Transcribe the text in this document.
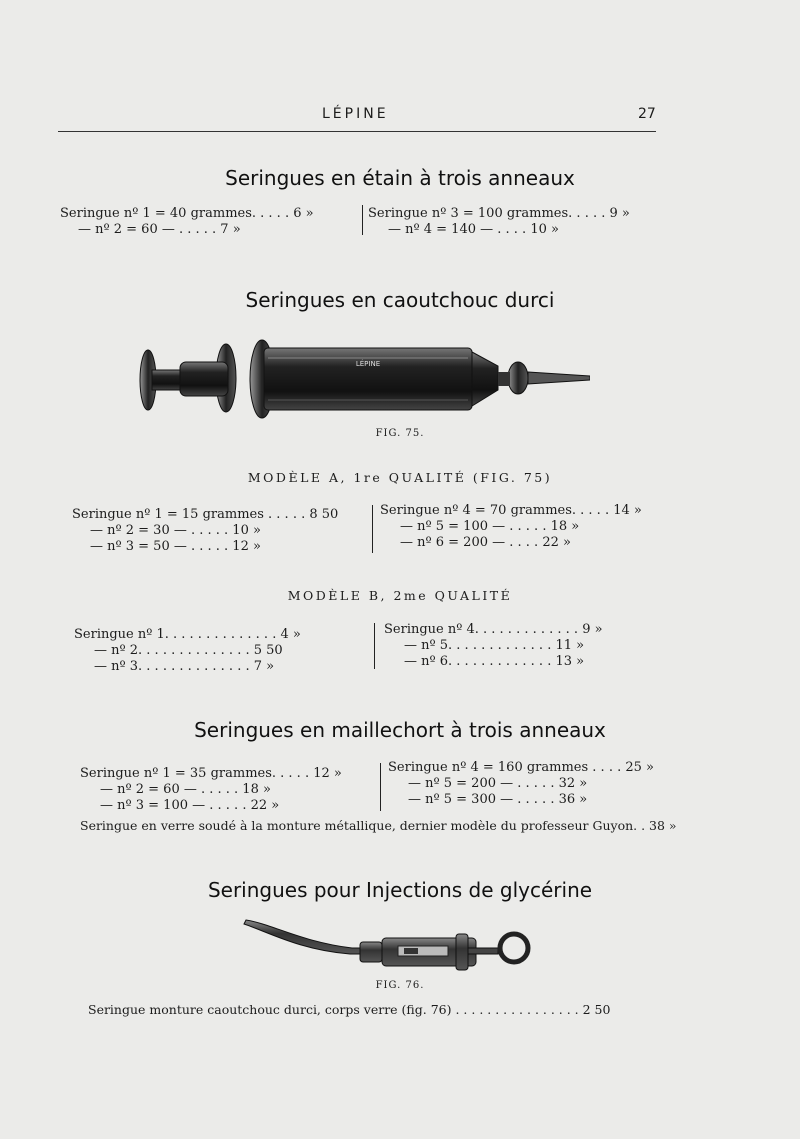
LÉPINE	27
Seringues en étain à trois anneaux
Seringue nº 1 = 40 grammes. . . . . 6 »
— nº 2 = 60 — . . . . . 7 »
Seringue nº 3 = 100 grammes. . . . . 9 »
— nº 4 = 140 — . . . . 10 »
Seringues en caoutchouc durci
LÉPINE
FIG. 75.
MODÈLE A, 1re QUALITÉ (FIG. 75)
Seringue nº 1 = 15 grammes . . . . . 8 50
— nº 2 = 30 — . . . . . 10 »
— nº 3 = 50 — . . . . . 12 »
Seringue nº 4 = 70 grammes. . . . . 14 »
— nº 5 = 100 — . . . . . 18 »
— nº 6 = 200 — . . . . 22 »
MODÈLE B, 2me QUALITÉ
Seringue nº 1. . . . . . . . . . . . . . 4 »
— nº 2. . . . . . . . . . . . . . 5 50
— nº 3. . . . . . . . . . . . . . 7 »
Seringue nº 4. . . . . . . . . . . . . 9 »
— nº 5. . . . . . . . . . . . . 11 »
— nº 6. . . . . . . . . . . . . 13 »
Seringues en maillechort à trois anneaux
Seringue nº 1 = 35 grammes. . . . . 12 »
— nº 2 = 60 — . . . . . 18 »
— nº 3 = 100 — . . . . . 22 »
Seringue nº 4 = 160 grammes . . . . 25 »
— nº 5 = 200 — . . . . . 32 »
— nº 5 = 300 — . . . . . 36 »
Seringue en verre soudé à la monture métallique, dernier modèle du professeur Guyon. . 38 »
Seringues pour Injections de glycérine
FIG. 76.
Seringue monture caoutchouc durci, corps verre (fig. 76) . . . . . . . . . . . . . . . . 2 50
